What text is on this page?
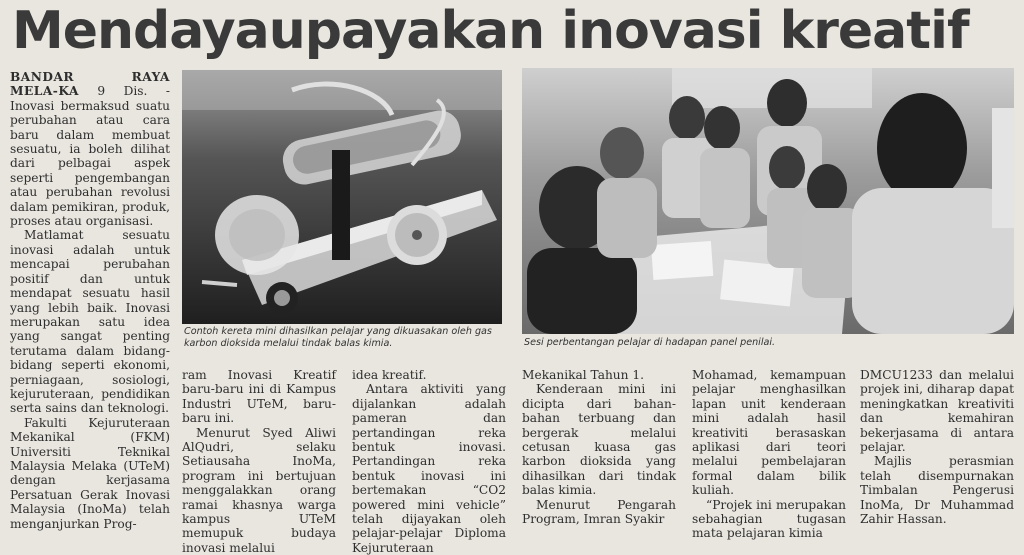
Mendayaupayakan inovasi kreatif

BANDAR RAYA MELA-KA 9 Dis. - Inovasi bermaksud suatu perubahan atau cara baru dalam membuat sesuatu, ia boleh dilihat dari pelbagai aspek seperti pengembangan atau perubahan revolusi dalam pemikiran, produk, proses atau organisasi.

Matlamat sesuatu inovasi adalah untuk mencapai perubahan positif dan untuk mendapat sesuatu hasil yang lebih baik. Inovasi merupakan satu idea yang sangat penting terutama dalam bidang-bidang seperti ekonomi, perniagaan, sosiologi, kejuruteraan, pendidikan serta sains dan teknologi.

Fakulti Kejuruteraan Mekanikal (FKM) Universiti Teknikal Malaysia Melaka (UTeM) dengan kerjasama Persatuan Gerak Inovasi Malaysia (InoMa) telah menganjurkan Prog-

Contoh kereta mini dihasilkan pelajar yang dikuasakan oleh gas karbon dioksida melalui tindak balas kimia.	Sesi perbentangan pelajar di hadapan panel penilai.

ram Inovasi Kreatif baru-baru ini di Kampus Industri UTeM, baru-baru ini.

Menurut Syed Aliwi AlQudri, selaku Setiausaha InoMa, program ini bertujuan menggalakkan orang ramai khasnya warga kampus UTeM memupuk budaya inovasi melalui

idea kreatif.

Antara aktiviti yang dijalankan adalah pameran dan pertandingan reka bentuk inovasi. Pertandingan reka bentuk inovasi ini bertemakan “CO2 powered mini vehicle” telah dijayakan oleh pelajar-pelajar Diploma Kejuruteraan

Mekanikal Tahun 1.

Kenderaan mini ini dicipta dari bahan-bahan terbuang dan bergerak melalui cetusan kuasa gas karbon dioksida yang dihasilkan dari tindak balas kimia.

Menurut Pengarah Program, Imran Syakir

Mohamad, kemampuan pelajar menghasilkan lapan unit kenderaan mini adalah hasil kreativiti berasaskan aplikasi dari teori melalui pembelajaran formal dalam bilik kuliah.

“Projek ini merupakan sebahagian tugasan mata pelajaran kimia

DMCU1233 dan melalui projek ini, diharap dapat meningkatkan kreativiti dan kemahiran bekerjasama di antara pelajar.

Majlis perasmian telah disempurnakan Timbalan Pengerusi InoMa, Dr Muhammad Zahir Hassan.
